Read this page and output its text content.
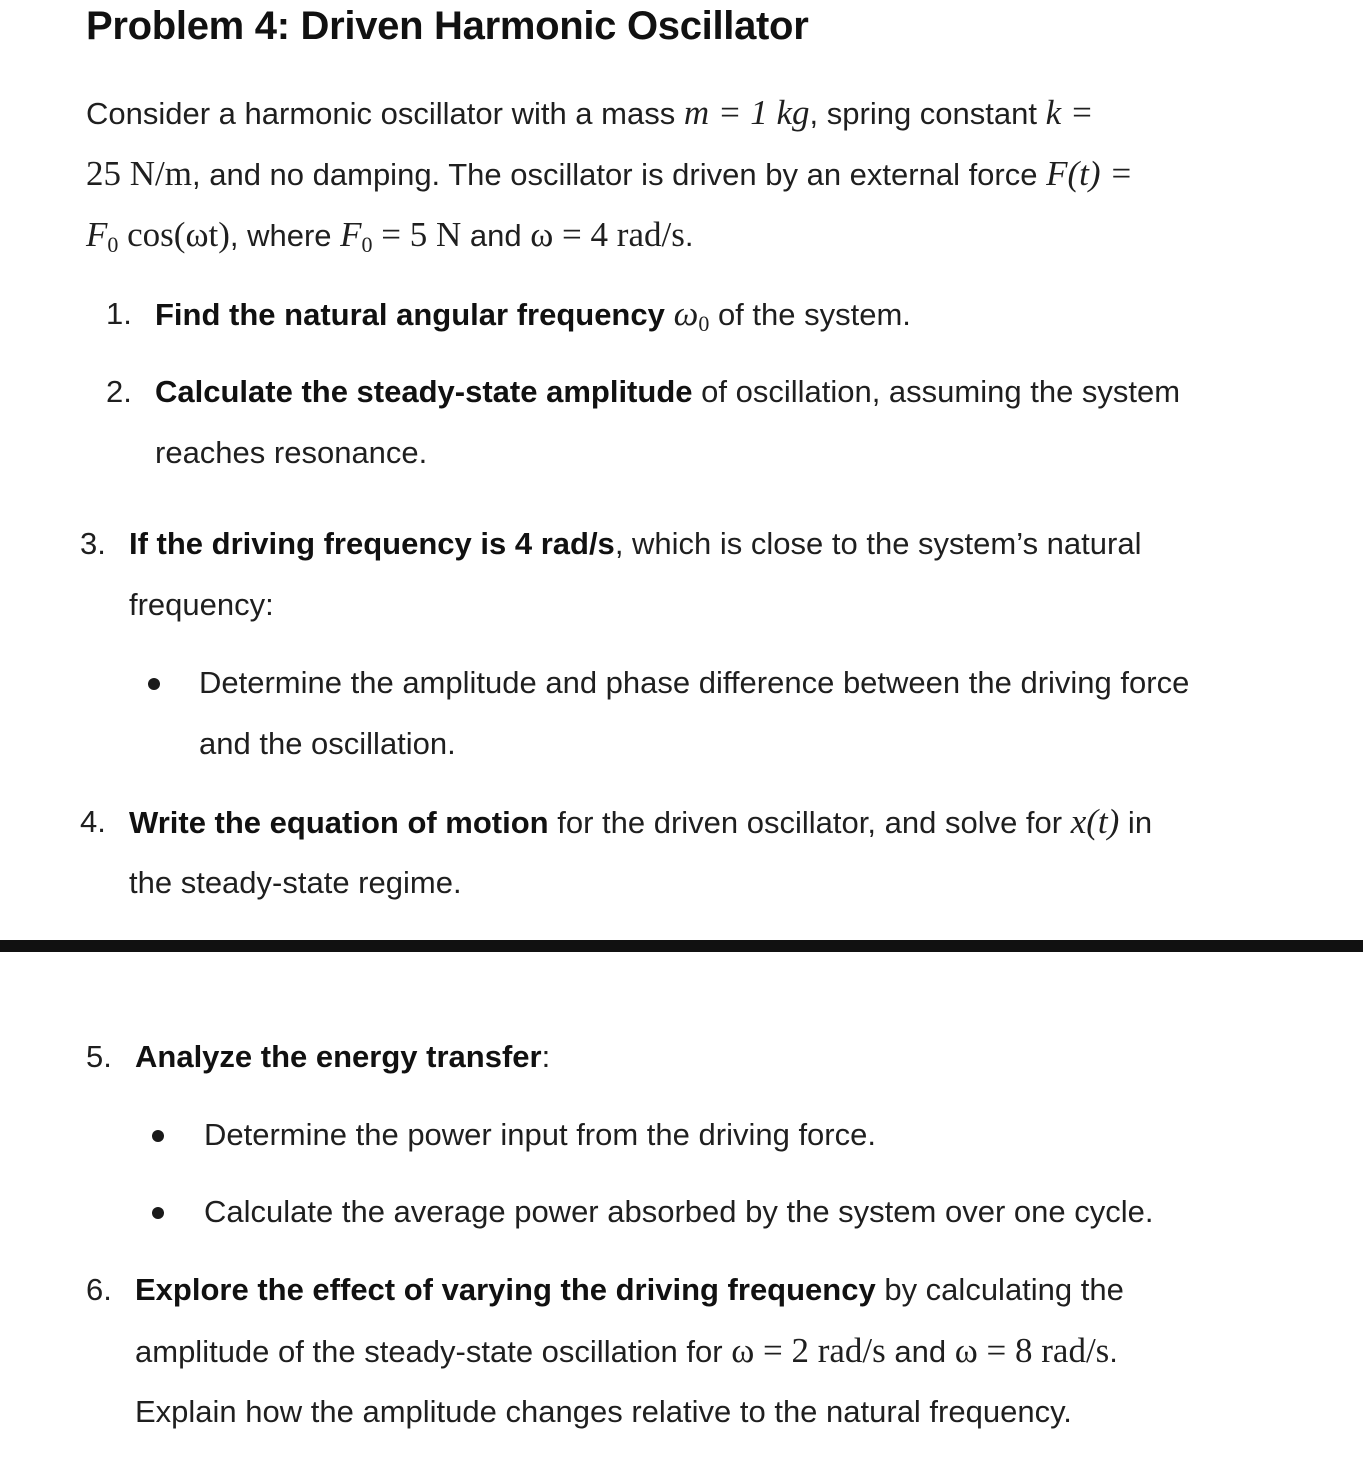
Problem 4: Driven Harmonic Oscillator
Consider a harmonic oscillator with a mass m = 1 kg, spring constant k =
25 N/m, and no damping. The oscillator is driven by an external force F(t) =
$F_0$ cos(ωt), where $F_0 = 5$ N and ω = 4 rad/s.
1. Find the natural angular frequency $\omega_0$ of the system.
2. Calculate the steady-state amplitude of oscillation, assuming the system
reaches resonance.
3. If the driving frequency is 4 rad/s, which is close to the system’s natural
frequency:
Determine the amplitude and phase difference between the driving force
and the oscillation.
4. Write the equation of motion for the driven oscillator, and solve for x(t) in
the steady-state regime.
5. Analyze the energy transfer:
Determine the power input from the driving force.
Calculate the average power absorbed by the system over one cycle.
6. Explore the effect of varying the driving frequency by calculating the
amplitude of the steady-state oscillation for ω = 2 rad/s and ω = 8 rad/s.
Explain how the amplitude changes relative to the natural frequency.
